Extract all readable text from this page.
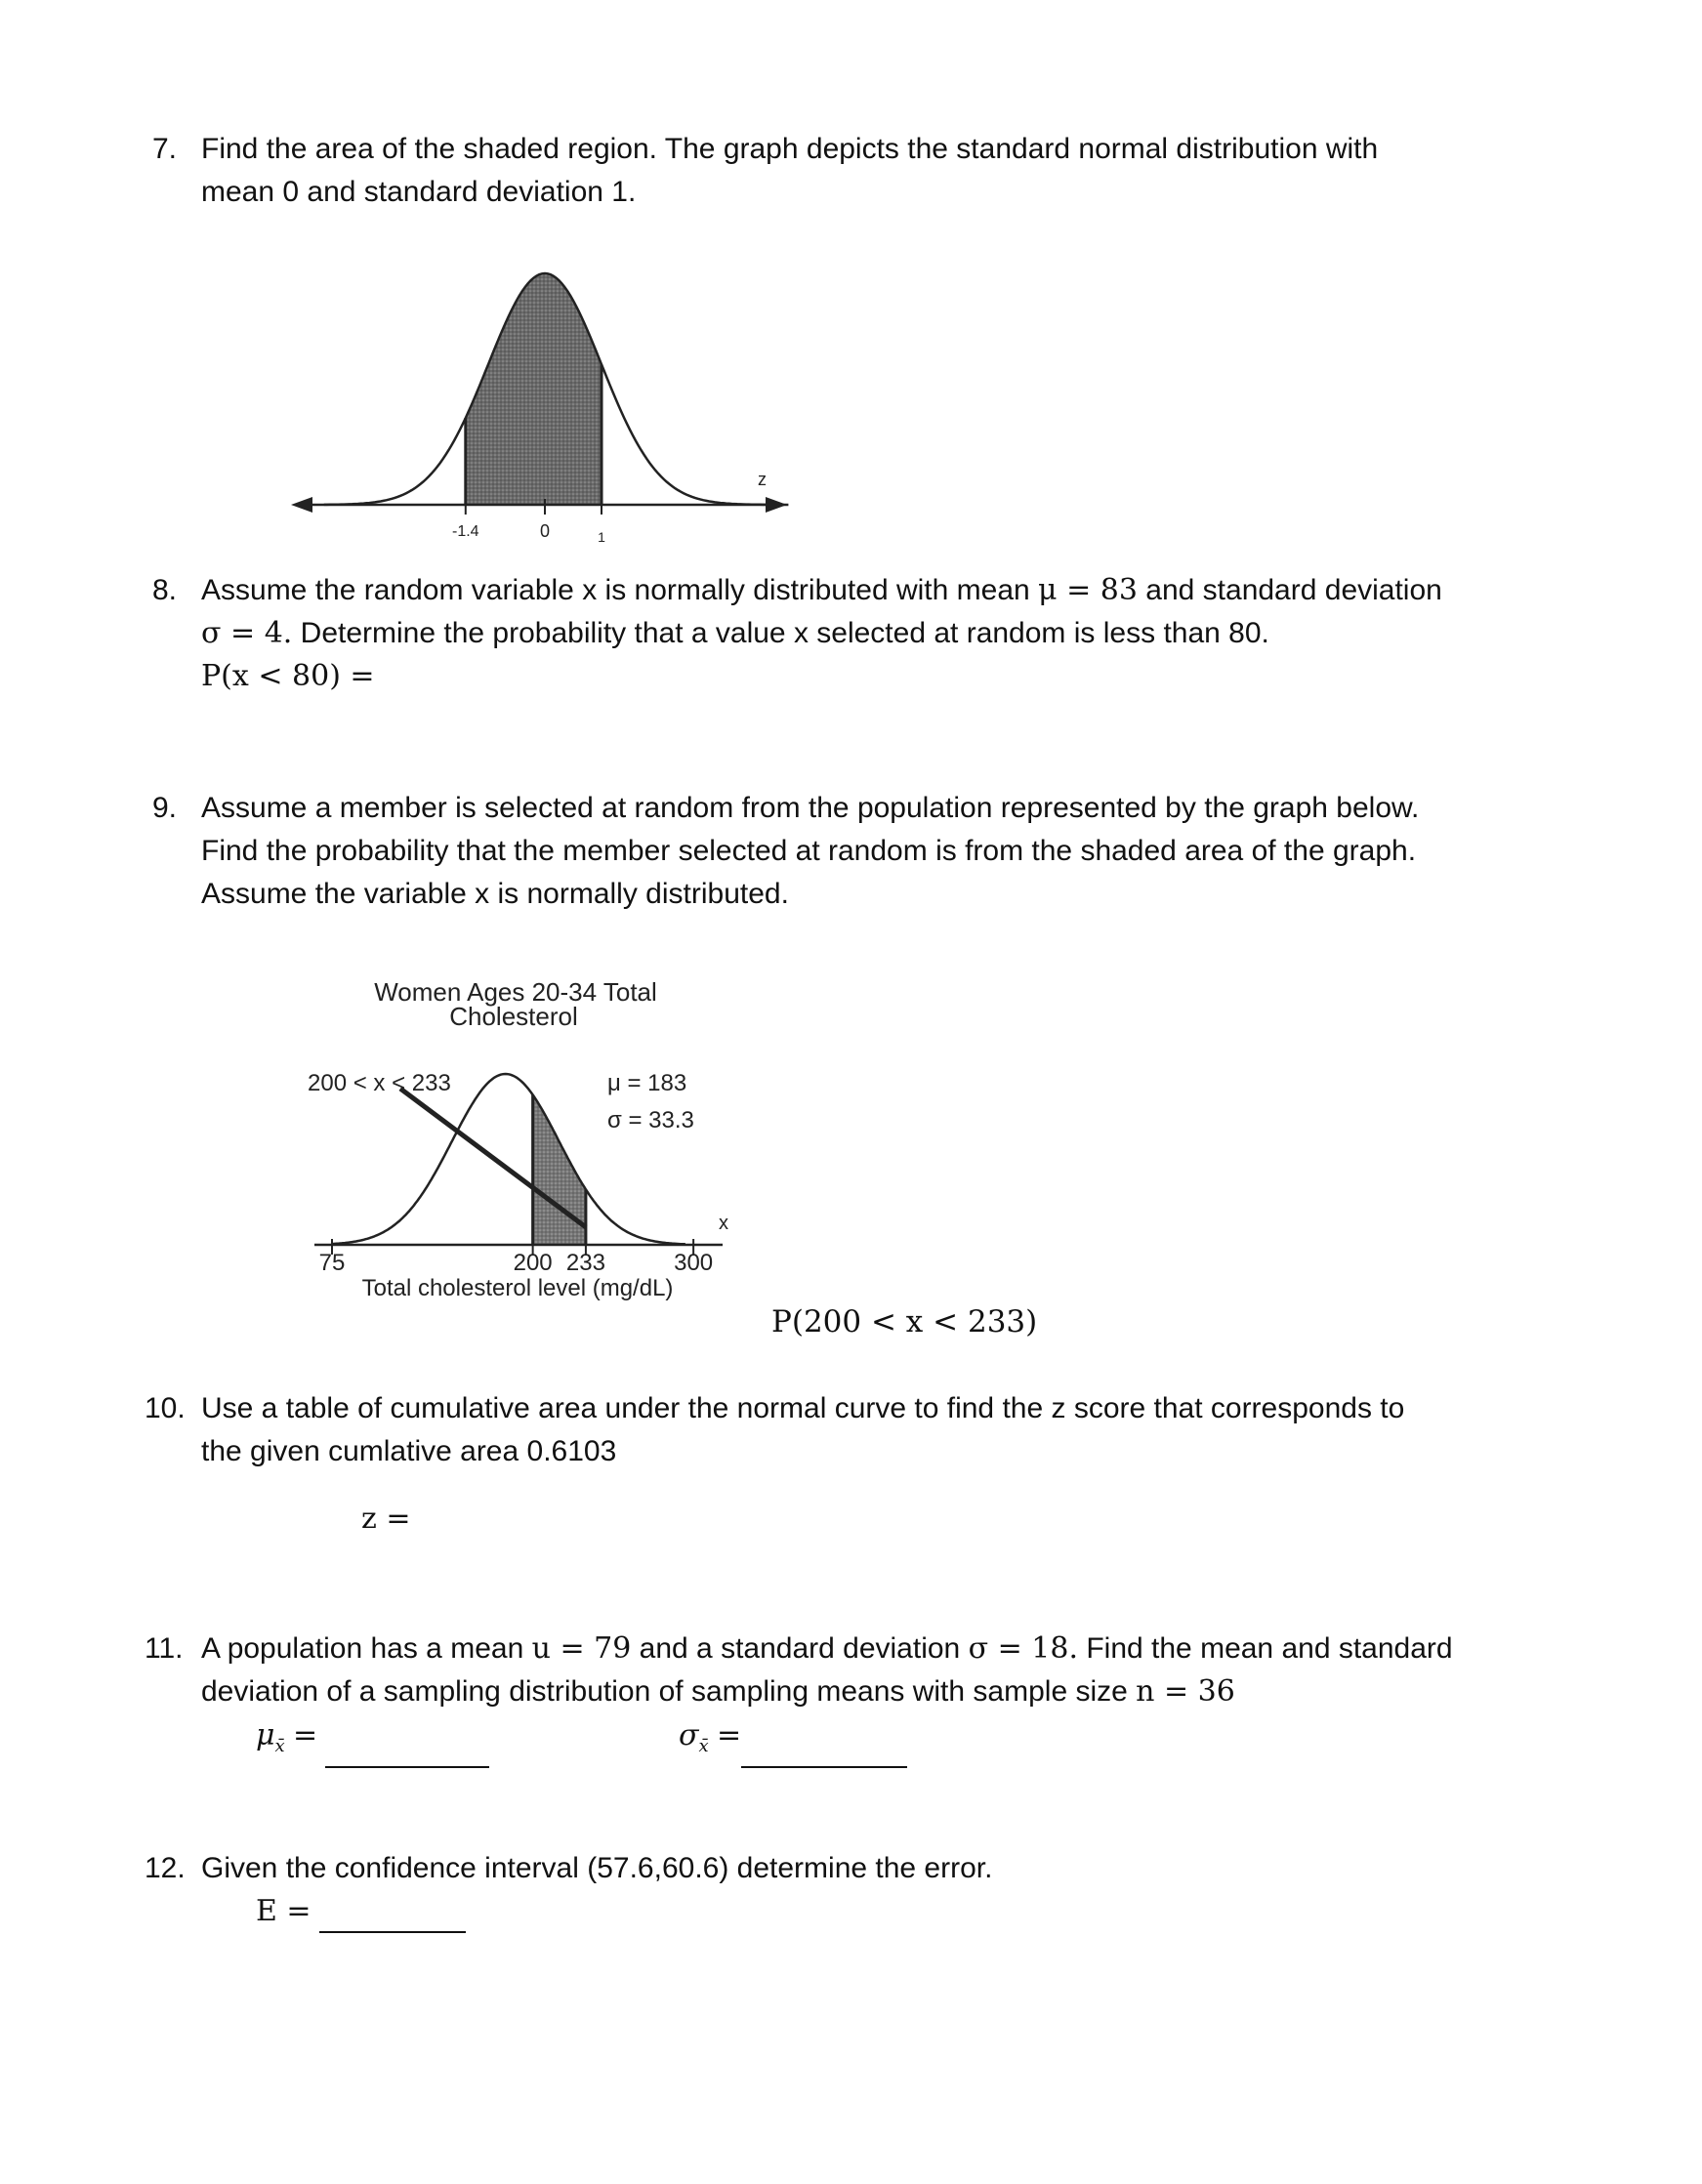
7. Find the area of the shaded region. The graph depicts the standard normal distribution with
mean 0 and standard deviation 1.
-1.4	0	1
z
8. Assume the random variable x is normally distributed with mean μ = 83 and standard deviation
σ = 4. Determine the probability that a value x selected at random is less than 80.
P(x < 80) =
9. Assume a member is selected at random from the population represented by the graph below.
Find the probability that the member selected at random is from the shaded area of the graph.
Assume the variable x is normally distributed.
Women Ages 20-34 Total
Cholesterol
200 < x < 233	μ = 183
σ = 33.3
75	200 233	300
x
Total cholesterol level (mg/dL)
P(200 < x < 233)
10. Use a table of cumulative area under the normal curve to find the z score that corresponds to
the given cumlative area 0.6103
z =
11. A population has a mean u = 79 and a standard deviation σ = 18. Find the mean and standard
deviation of a sampling distribution of sampling means with sample size n = 36
$\mu_{x̄}$ =	$\sigma_{x̄}$ =
12. Given the confidence interval (57.6,60.6) determine the error.
E =
